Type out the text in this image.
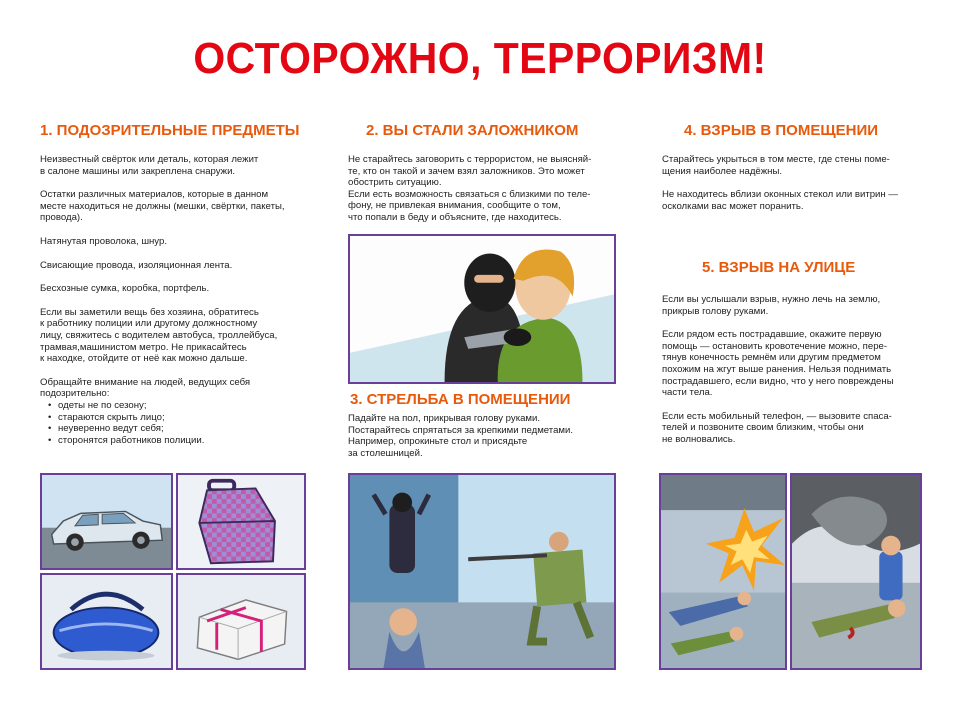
ОСТОРОЖНО, ТЕРРОРИЗМ!
1. ПОДОЗРИТЕЛЬНЫЕ ПРЕДМЕТЫ

Неизвестный свёрток или деталь, которая лежит
в салоне машины или закреплена снаружи.

Остатки различных материалов, которые в данном
месте находиться не должны (мешки, свёртки, пакеты,
провода).

Натянутая проволока, шнур.

Свисающие провода, изоляционная лента.

Бесхозные сумка, коробка, портфель.

Если вы заметили вещь без хозяина, обратитесь
к работнику полиции или другому должностному
лицу, свяжитесь с водителем автобуса, троллейбуса,
трамвая,машинистом метро. Не прикасайтесь
к находке, отойдите от неё как можно дальше.

Обращайте внимание на людей, ведущих себя
подозрительно:

• одеты не по сезону;
• стараются скрыть лицо;
• неуверенно ведут себя;
• сторонятся работников полиции.
2. ВЫ СТАЛИ ЗАЛОЖНИКОМ

Не старайтесь заговорить с террористом, не выясняй-
те, кто он такой и зачем взял заложников. Это может
обострить ситуацию.
Если есть возможность связаться с близкими по теле-
фону, не привлекая внимания, сообщите о том,
что попали в беду и объясните, где находитесь.

3. СТРЕЛЬБА В ПОМЕЩЕНИИ

Падайте на пол, прикрывая голову руками.
Постарайтесь спрятаться за крепкими педметами.
Например, опрокиньте стол и присядьте
за столешницей.

4. ВЗРЫВ В ПОМЕЩЕНИИ

Старайтесь укрыться в том месте, где стены поме-
щения наиболее надёжны.

Не находитесь вблизи оконных стекол или витрин —
осколками вас может поранить.

5. ВЗРЫВ НА УЛИЦЕ

Если вы услышали взрыв, нужно лечь на землю,
прикрыв голову руками.

Если рядом есть пострадавшие, окажите первую
помощь — остановить кровотечение можно, пере-
тянув конечность ремнём или другим предметом
похожим на жгут выше ранения. Нельзя поднимать
пострадавшего, если видно, что у него повреждены
части тела.

Если есть мобильный телефон, — вызовите спаса-
телей и позвоните своим близким, чтобы они
не волновались.
